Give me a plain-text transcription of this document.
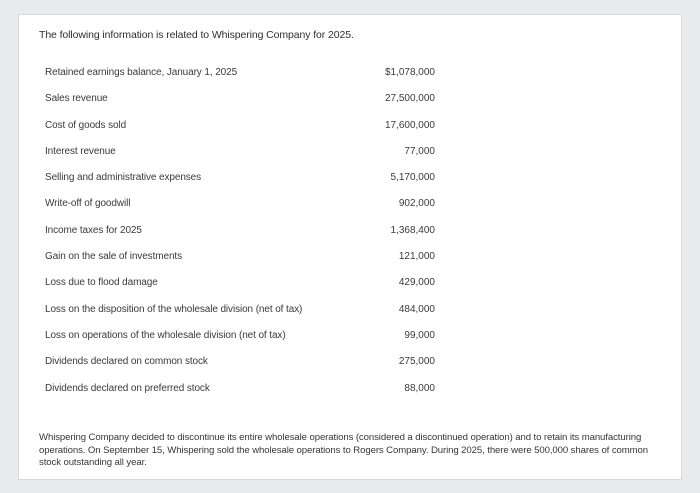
The following information is related to Whispering Company for 2025.
Retained earnings balance, January 1, 2025	$1,078,000
Sales revenue	27,500,000
Cost of goods sold	17,600,000
Interest revenue	77,000
Selling and administrative expenses	5,170,000
Write-off of goodwill	902,000
Income taxes for 2025	1,368,400
Gain on the sale of investments	121,000
Loss due to flood damage	429,000
Loss on the disposition of the wholesale division (net of tax)	484,000
Loss on operations of the wholesale division (net of tax)	99,000
Dividends declared on common stock	275,000
Dividends declared on preferred stock	88,000
Whispering Company decided to discontinue its entire wholesale operations (considered a discontinued operation) and to retain its manufacturing operations. On September 15, Whispering sold the wholesale operations to Rogers Company. During 2025, there were 500,000 shares of common stock outstanding all year.
